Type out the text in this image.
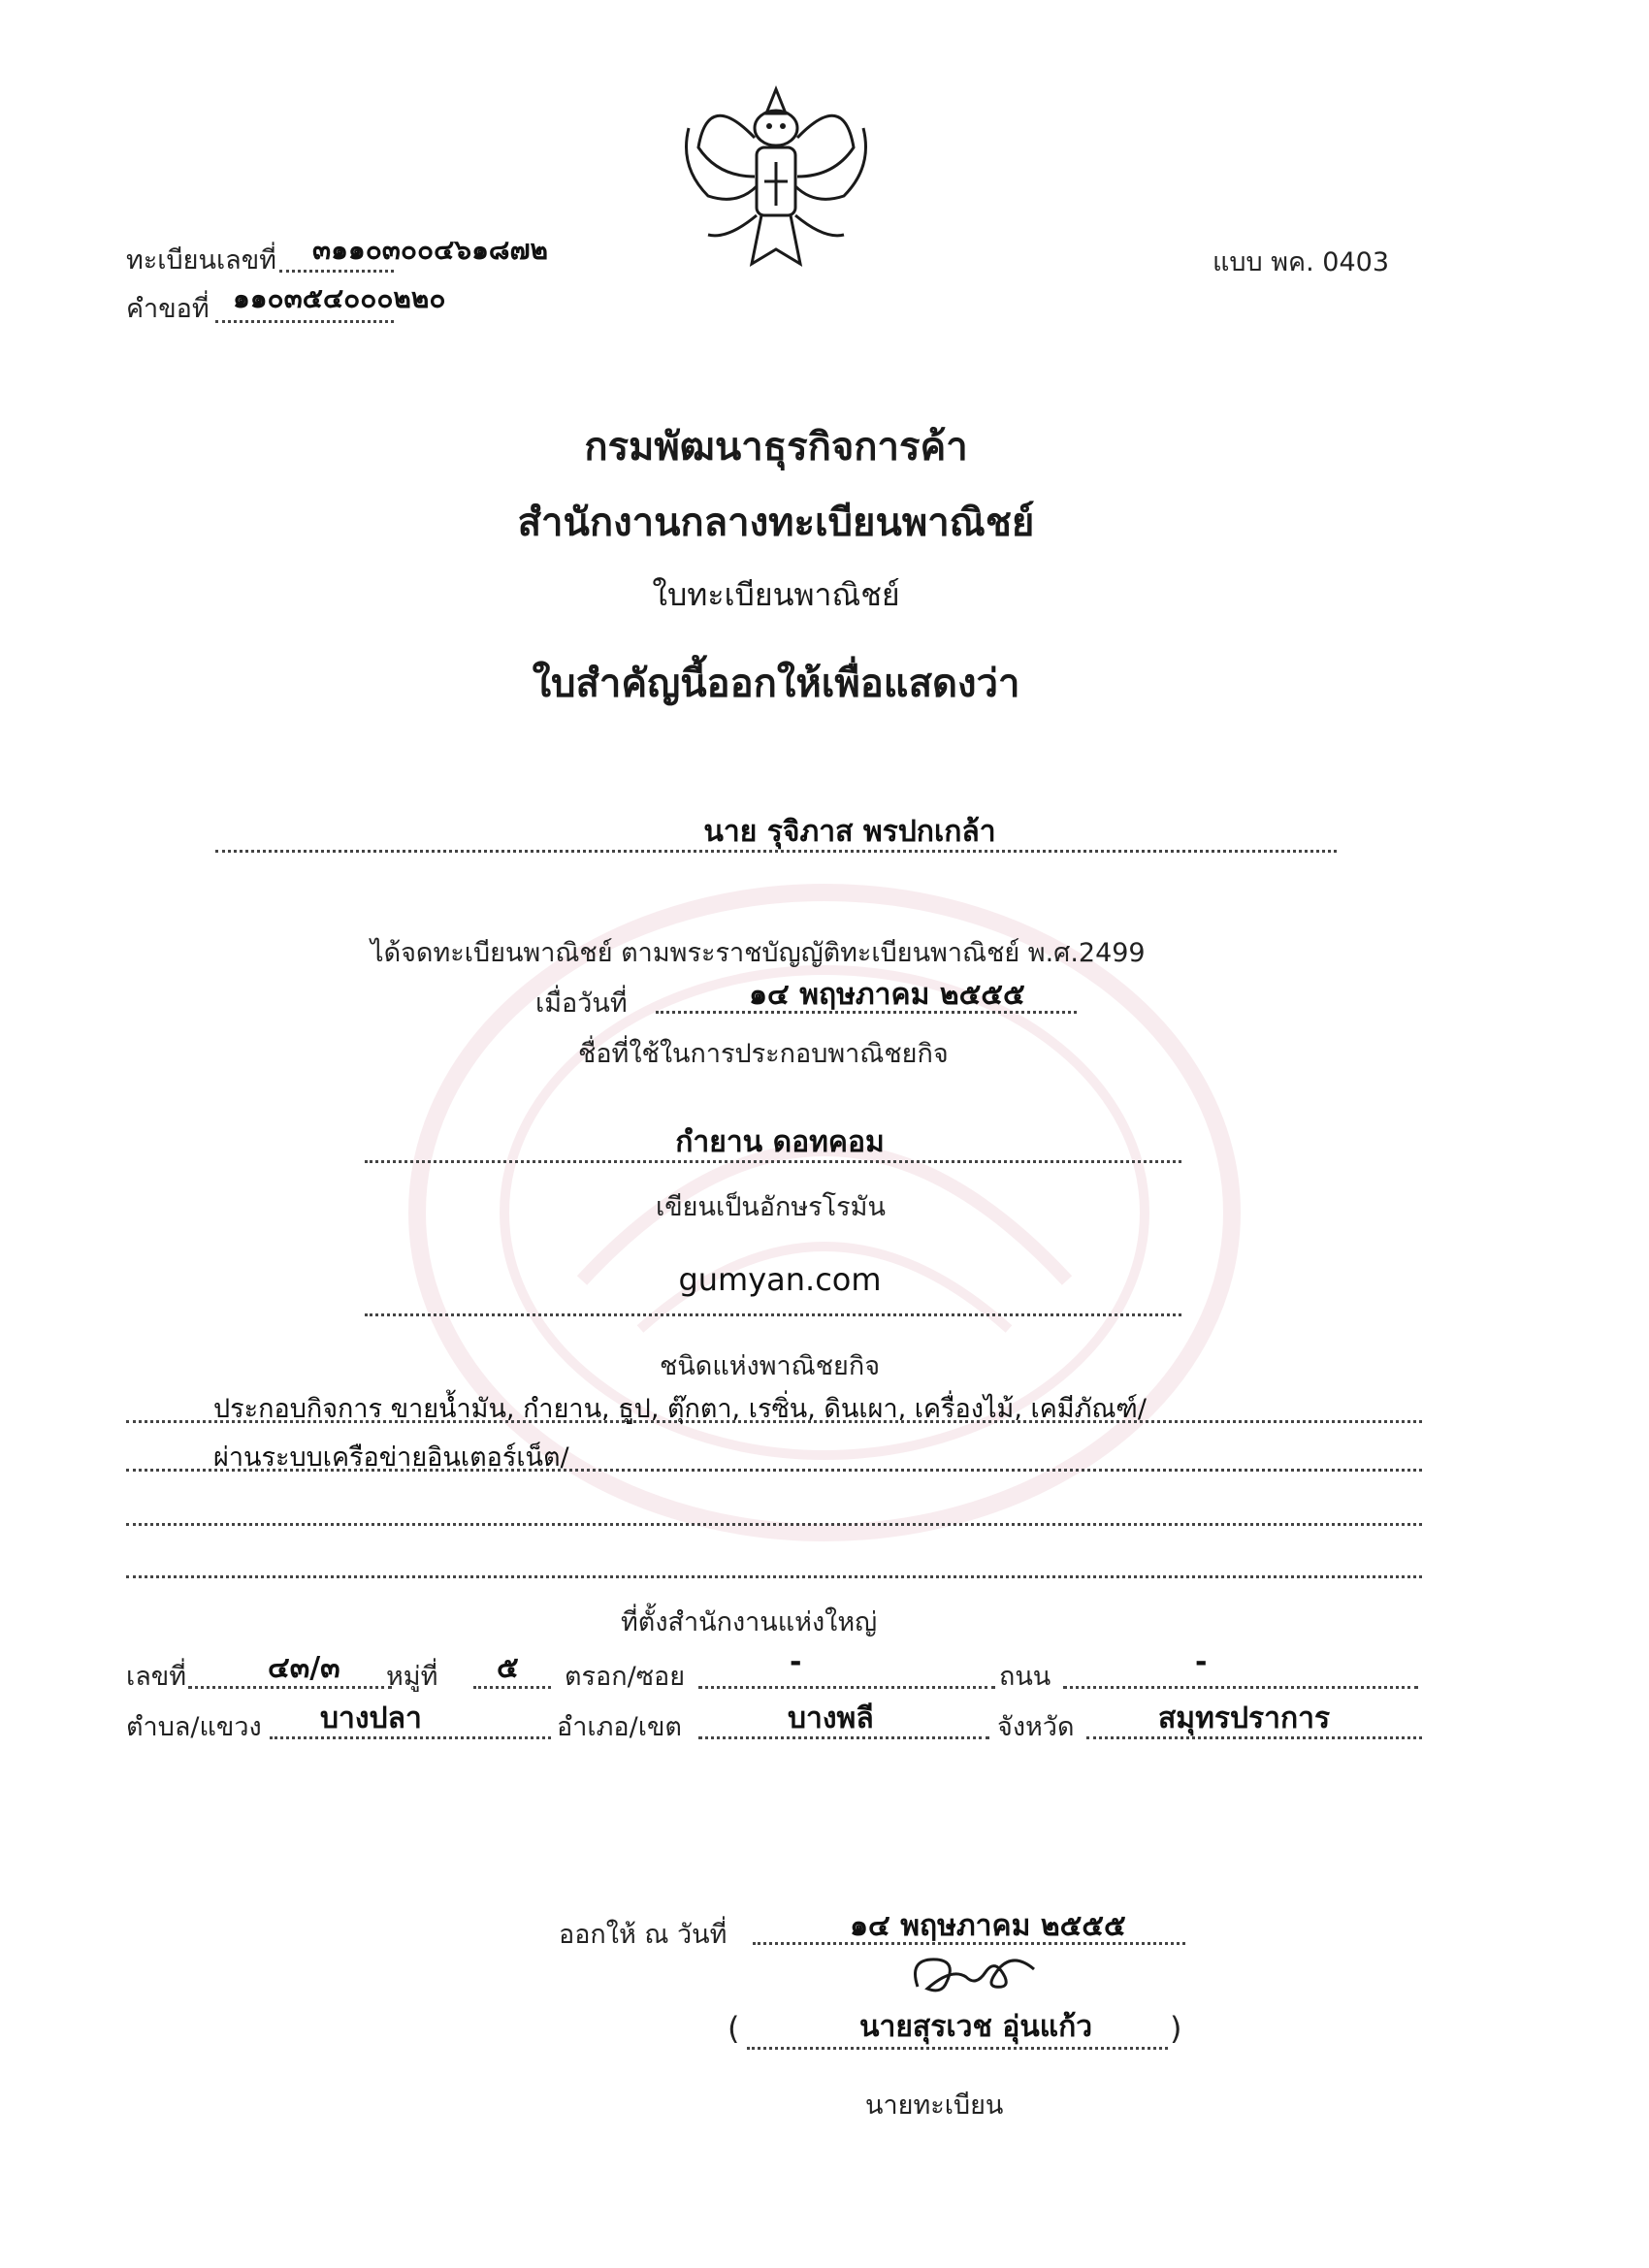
ทะเบียนเลขที่ ๓๑๑๐๓๐๐๔๖๑๘๗๒
คำขอที่ ๑๑๐๓๕๔๐๐๐๒๒๐
แบบ พค. 0403
กรมพัฒนาธุรกิจการค้า
สำนักงานกลางทะเบียนพาณิชย์
ใบทะเบียนพาณิชย์
ใบสำคัญนี้ออกให้เพื่อแสดงว่า
นาย รุจิภาส พรปกเกล้า
ได้จดทะเบียนพาณิชย์ ตามพระราชบัญญัติทะเบียนพาณิชย์ พ.ศ.2499
เมื่อวันที่	๑๔ พฤษภาคม ๒๕๕๕
ชื่อที่ใช้ในการประกอบพาณิชยกิจ
กำยาน ดอทคอม
เขียนเป็นอักษรโรมัน
gumyan.com
ชนิดแห่งพาณิชยกิจ
ประกอบกิจการ ขายน้ำมัน, กำยาน, ธูป, ตุ๊กตา, เรซิ่น, ดินเผา, เครื่องไม้, เคมีภัณฑ์/
ผ่านระบบเครือข่ายอินเตอร์เน็ต/
ที่ตั้งสำนักงานแห่งใหญ่
เลขที่	๔๓/๓ หมู่ที่ ๕ ตรอก/ซอย	-	ถนน	-
ตำบล/แขวง บางปลา	อำเภอ/เขต	บางพลี	จังหวัด	สมุทรปราการ
ออกให้ ณ วันที่	๑๔ พฤษภาคม ๒๕๕๕
(	นายสุรเวช อุ่นแก้ว )
นายทะเบียน
